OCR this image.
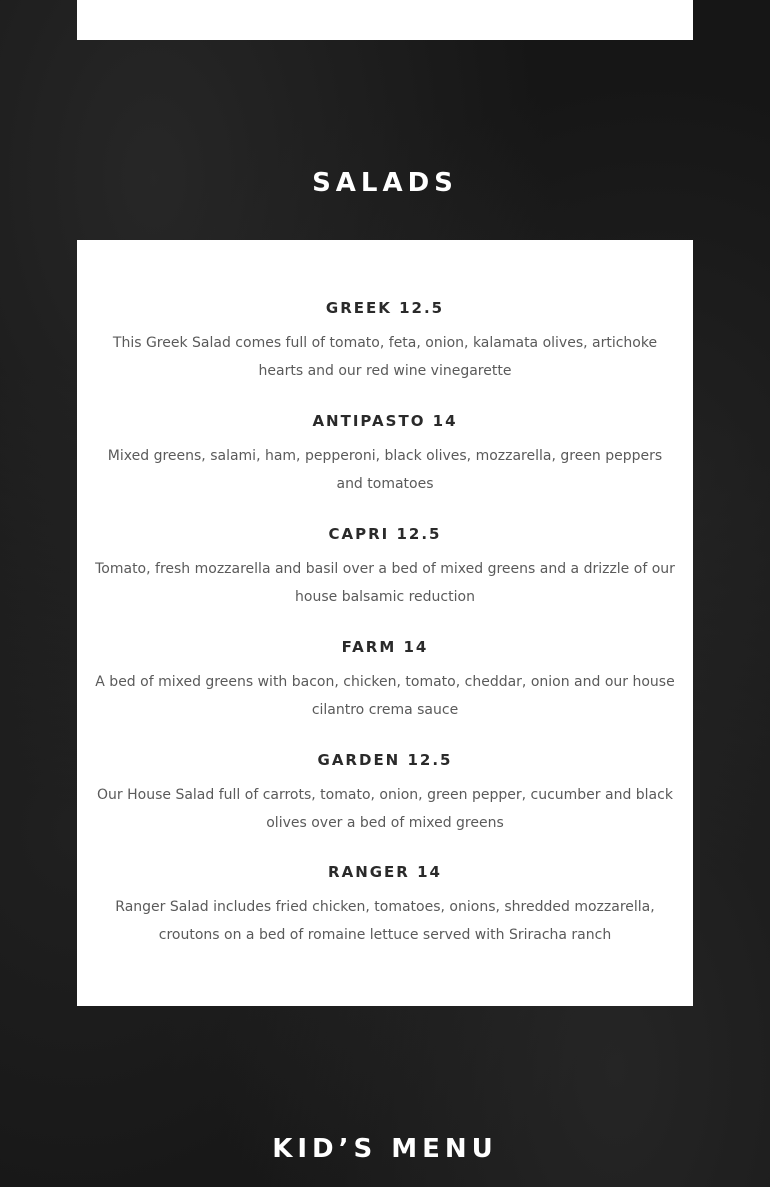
SALADS
GREEK 12.5

This Greek Salad comes full of tomato, feta, onion, kalamata olives, artichoke hearts and our red wine vinegarette

ANTIPASTO 14

Mixed greens, salami, ham, pepperoni, black olives, mozzarella, green peppers and tomatoes

CAPRI 12.5

Tomato, fresh mozzarella and basil over a bed of mixed greens and a drizzle of our house balsamic reduction

FARM 14

A bed of mixed greens with bacon, chicken, tomato, cheddar, onion and our house cilantro crema sauce

GARDEN 12.5

Our House Salad full of carrots, tomato, onion, green pepper, cucumber and black olives over a bed of mixed greens

RANGER 14

Ranger Salad includes fried chicken, tomatoes, onions, shredded mozzarella, croutons on a bed of romaine lettuce served with Sriracha ranch

KID’S MENU
